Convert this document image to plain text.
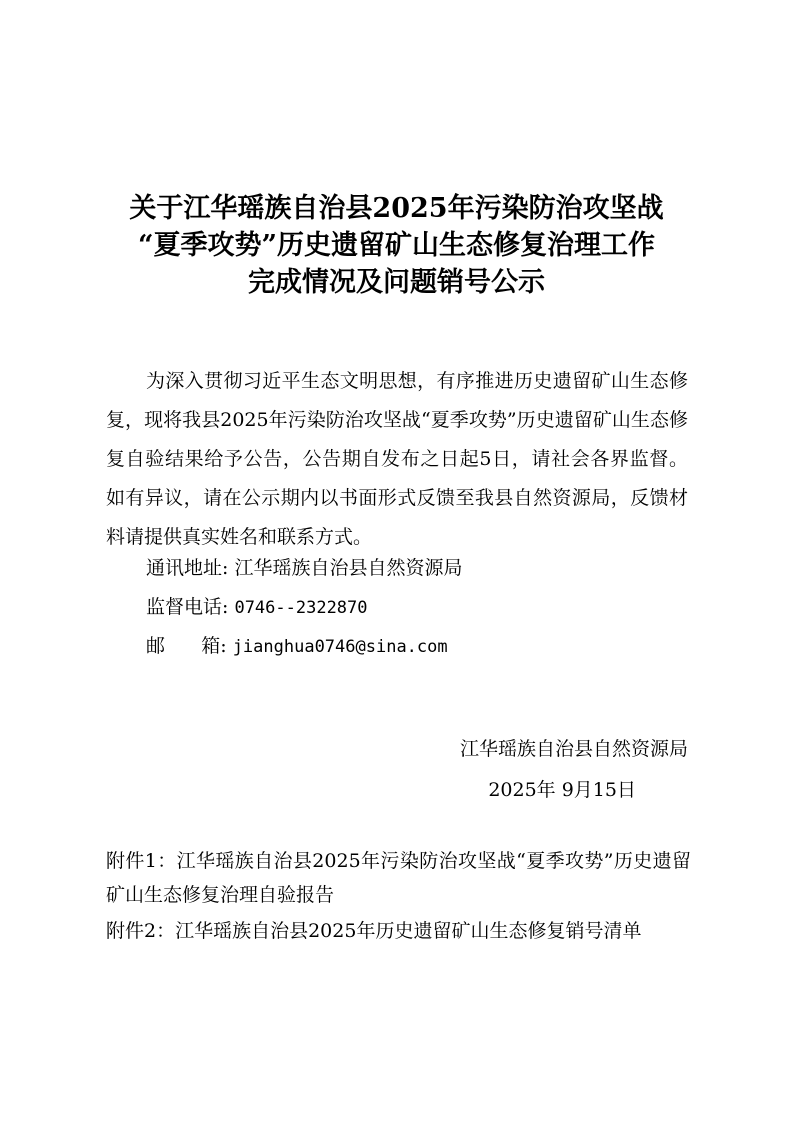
关于江华瑶族自治县2025年污染防治攻坚战
“夏季攻势”历史遗留矿山生态修复治理工作
完成情况及问题销号公示

为深入贯彻习近平生态文明思想，有序推进历史遗留矿山生态修复，现将我县2025年污染防治攻坚战“夏季攻势”历史遗留矿山生态修复自验结果给予公告，公告期自发布之日起5日，请社会各界监督。如有异议，请在公示期内以书面形式反馈至我县自然资源局，反馈材料请提供真实姓名和联系方式。

通讯地址: 江华瑶族自治县自然资源局
监督电话: 0746--2322870
邮      箱: jianghua0746@sina.com
江华瑶族自治县自然资源局
2025年 9月15日
附件1：江华瑶族自治县2025年污染防治攻坚战“夏季攻势”历史遗留矿山生态修复治理自验报告
附件2：江华瑶族自治县2025年历史遗留矿山生态修复销号清单
